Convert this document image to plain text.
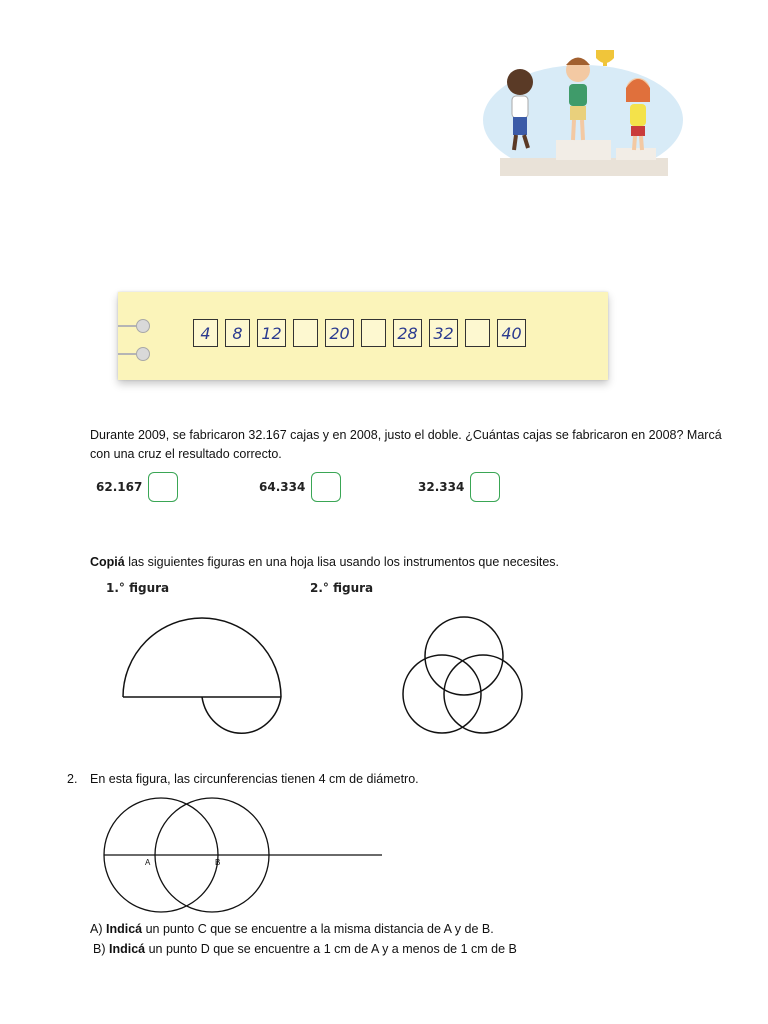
4	8	12	20	28 32	40
Durante 2009, se fabricaron 32.167 cajas y en 2008, justo el doble. ¿Cuántas cajas se fabricaron en 2008? Marcá con una cruz el resultado correcto.
62.167	64.334	32.334
Copiá las siguientes figuras en una hoja lisa usando los instrumentos que necesites.
1.° figura	2.° figura
2. En esta figura, las circunferencias tienen 4 cm de diámetro.
A	B
A) Indicá un punto C que se encuentre a la misma distancia de A y de B.
B) Indicá un punto D que se encuentre a 1 cm de A y a menos de 1 cm de B
